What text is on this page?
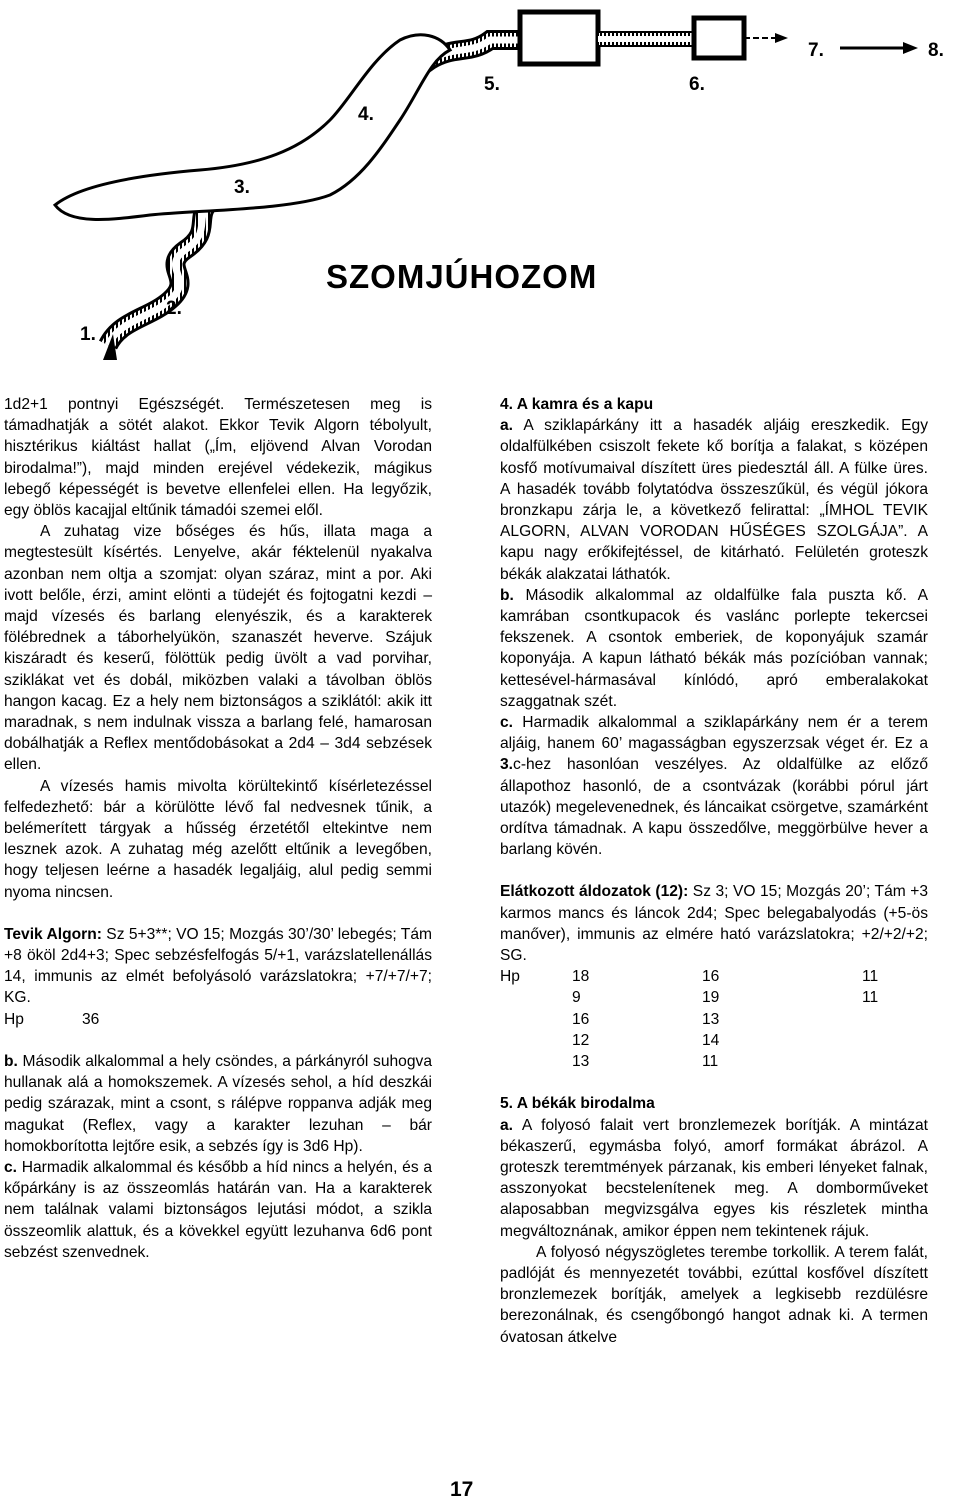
1.
2.
3.
4.
5.	6.
7.	8.
SZOMJÚHOZOM

1d2+1 pontnyi Egészségét. Természetesen meg is támadhatják a sötét alakot. Ekkor Tevik Algorn tébolyult, hisztérikus kiáltást hallat („Ím, eljövend Alvan Vorodan birodalma!”), majd minden erejével védekezik, mágikus lebegő képességét is bevetve ellenfelei ellen. Ha legyőzik, egy öblös kacajjal eltűnik támadói szemei elől.

A zuhatag vize bőséges és hűs, illata maga a megtestesült kísértés. Lenyelve, akár féktelenül nyakalva azonban nem oltja a szomjat: olyan száraz, mint a por. Aki ivott belőle, érzi, amint elönti a tüdejét és fojtogatni kezdi – majd vízesés és barlang elenyészik, és a karakterek fölébrednek a táborhelyükön, szanaszét heverve. Szájuk kiszáradt és keserű, fölöttük pedig üvölt a vad porvihar, sziklákat vet és dobál, miközben valaki a távolban öblös hangon kacag. Ez a hely nem biztonságos a sziklától: akik itt maradnak, s nem indulnak vissza a barlang felé, hamarosan dobálhatják a Reflex mentődobásokat a 2d4 – 3d4 sebzések ellen.

A vízesés hamis mivolta körültekintő kísérletezéssel felfedezhető: bár a körülötte lévő fal nedvesnek tűnik, a belémerített tárgyak a hűsség érzetétől eltekintve nem lesznek azok. A zuhatag még azelőtt eltűnik a levegőben, hogy teljesen leérne a hasadék legaljáig, alul pedig semmi nyoma nincsen.

Tevik Algorn: Sz 5+3**; VO 15; Mozgás 30’/30’ lebegés; Tám +8 ököl 2d4+3; Spec sebzésfelfogás 5/+1, varázslatellenállás 14, immunis az elmét befolyásoló varázslatokra; +7/+7/+7; KG.

Hp	36

b. Második alkalommal a hely csöndes, a párkányról suhogva hullanak alá a homokszemek. A vízesés sehol, a híd deszkái pedig szárazak, mint a csont, s rálépve roppanva adják meg magukat (Reflex, vagy a karakter lezuhan – bár homokborította lejtőre esik, a sebzés így is 3d6 Hp).

c. Harmadik alkalommal és később a híd nincs a helyén, és a kőpárkány is az összeomlás határán van. Ha a karakterek nem találnak valami biztonságos lejutási módot, a szikla összeomlik alattuk, és a kövekkel együtt lezuhanva 6d6 pont sebzést szenvednek.

4. A kamra és a kapu

a. A sziklapárkány itt a hasadék aljáig ereszkedik. Egy oldalfülkében csiszolt fekete kő borítja a falakat, s középen kosfő motívumaival díszített üres piedesztál áll. A fülke üres. A hasadék tovább folytatódva összeszűkül, és végül jókora bronzkapu zárja le, a következő felirattal: „ÍMHOL TEVIK ALGORN, ALVAN VORODAN HŰSÉGES SZOLGÁJA”. A kapu nagy erőkifejtéssel, de kitárható. Felületén groteszk békák alakzatai láthatók.

b. Második alkalommal az oldalfülke fala puszta kő. A kamrában csontkupacok és vaslánc porlepte tekercsei fekszenek. A csontok emberiek, de koponyájuk szamár koponyája. A kapun látható békák más pozícióban vannak; kettesével-hármasával kínlódó, apró emberalakokat szaggatnak szét.

c. Harmadik alkalommal a sziklapárkány nem ér a terem aljáig, hanem 60’ magasságban egyszerzsak véget ér. Ez a 3.c-hez hasonlóan veszélyes. Az oldalfülke az előző állapothoz hasonló, de a csontvázak (korábbi pórul járt utazók) megelevenednek, és láncaikat csörgetve, szamárként ordítva támadnak. A kapu összedőlve, meggörbülve hever a barlang kövén.

Elátkozott áldozatok (12): Sz 3; VO 15; Mozgás 20’; Tám +3 karmos mancs és láncok 2d4; Spec belegabalyodás (+5-ös manőver), immunis az elmére ható varázslatokra; +2/+2/+2; SG.

Hp	18	16	11
	9	19	11
	16	13	
	12	14	
	13	11	

5. A békák birodalma

a. A folyosó falait vert bronzlemezek borítják. A mintázat békaszerű, egymásba folyó, amorf formákat ábrázol. A groteszk teremtmények párzanak, kis emberi lényeket falnak, asszonyokat becstelenítenek meg. A domborműveket alaposabban megvizsgálva egyes kis részletek mintha megváltoznának, amikor éppen nem tekintenek rájuk.

A folyosó négyszögletes terembe torkollik. A terem falát, padlóját és mennyezetét további, ezúttal kosfővel díszített bronzlemezek borítják, amelyek a legkisebb rezdülésre berezonálnak, és csengőbongó hangot adnak ki. A termen óvatosan átkelve

17
